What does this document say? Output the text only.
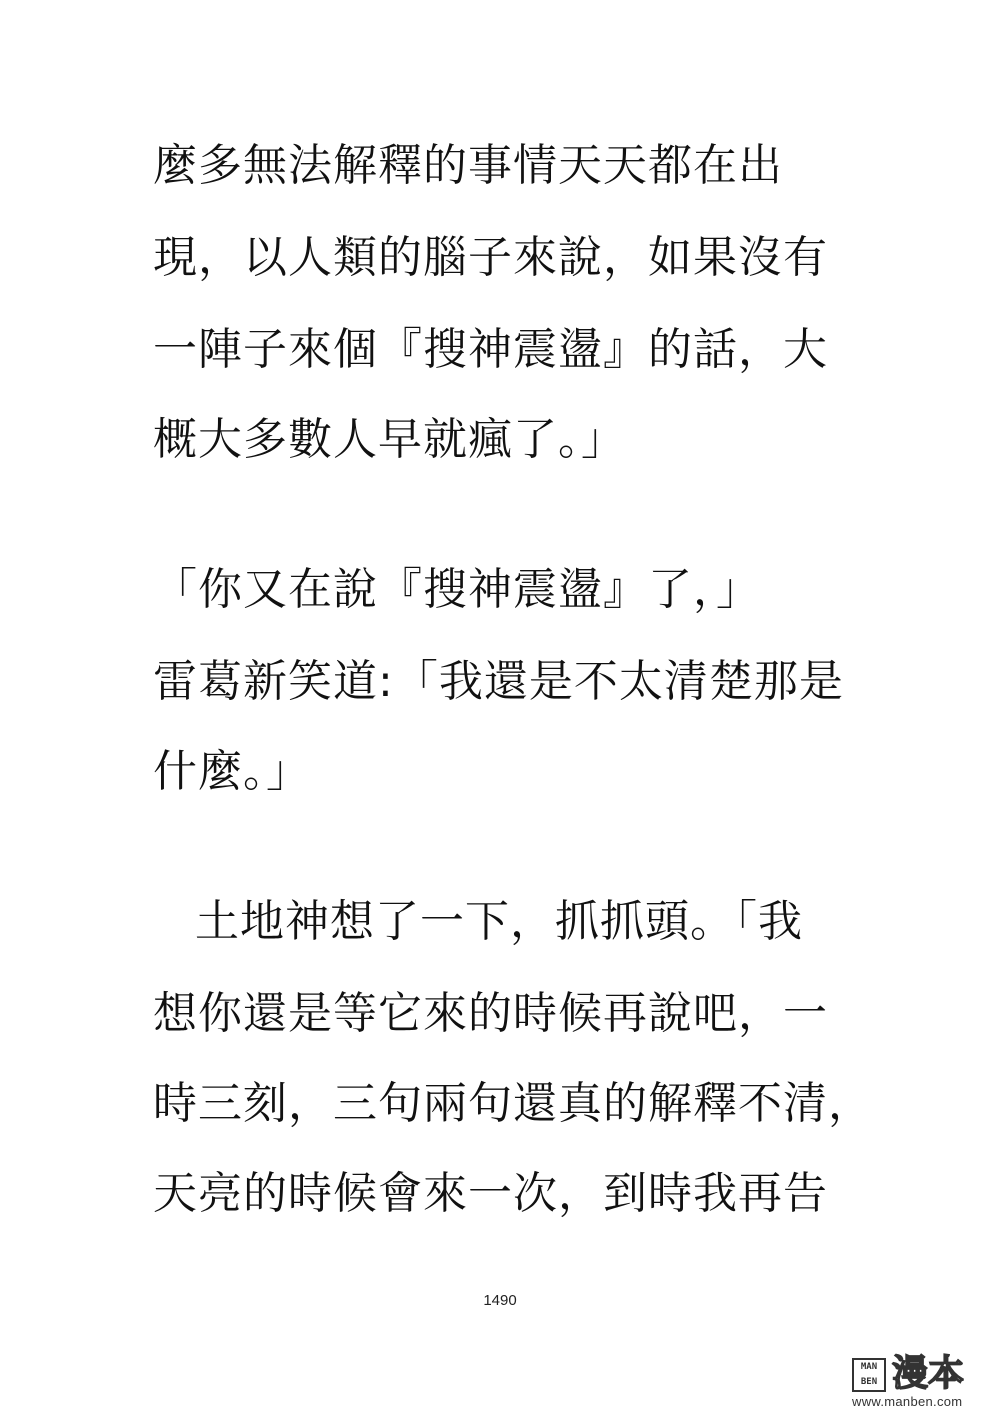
麼多無法解釋的事情天天都在出
現，以人類的腦子來說，如果沒有
一陣子來個『搜神震盪』的話，大
概大多數人早就瘋了。」
「你又在說『搜神震盪』了，」
雷葛新笑道:「我還是不太清楚那是
什麼。」
土地神想了一下，抓抓頭。「我
想你還是等它來的時候再說吧，一
時三刻，三句兩句還真的解釋不清，
天亮的時候會來一次，到時我再告
1490
MAN
BEN 漫本
www.manben.com
